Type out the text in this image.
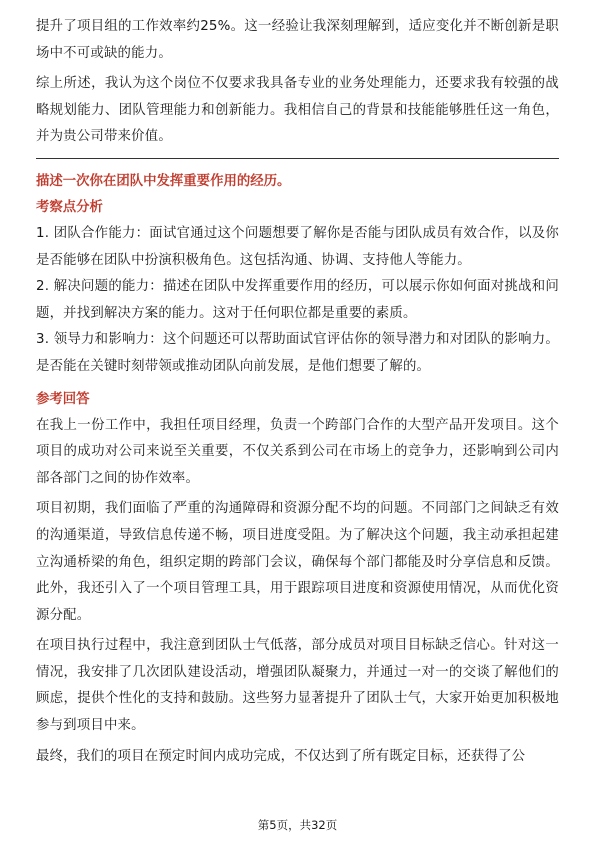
提升了项目组的工作效率约25%。这一经验让我深刻理解到，适应变化并不断创新是职场中不可或缺的能力。

综上所述，我认为这个岗位不仅要求我具备专业的业务处理能力，还要求我有较强的战略规划能力、团队管理能力和创新能力。我相信自己的背景和技能能够胜任这一角色，并为贵公司带来价值。

描述一次你在团队中发挥重要作用的经历。
考察点分析

1. 团队合作能力：面试官通过这个问题想要了解你是否能与团队成员有效合作，以及你是否能够在团队中扮演积极角色。这包括沟通、协调、支持他人等能力。

2. 解决问题的能力：描述在团队中发挥重要作用的经历，可以展示你如何面对挑战和问题，并找到解决方案的能力。这对于任何职位都是重要的素质。

3. 领导力和影响力：这个问题还可以帮助面试官评估你的领导潜力和对团队的影响力。是否能在关键时刻带领或推动团队向前发展，是他们想要了解的。

参考回答

在我上一份工作中，我担任项目经理，负责一个跨部门合作的大型产品开发项目。这个项目的成功对公司来说至关重要，不仅关系到公司在市场上的竞争力，还影响到公司内部各部门之间的协作效率。

项目初期，我们面临了严重的沟通障碍和资源分配不均的问题。不同部门之间缺乏有效的沟通渠道，导致信息传递不畅，项目进度受阻。为了解决这个问题，我主动承担起建立沟通桥梁的角色，组织定期的跨部门会议，确保每个部门都能及时分享信息和反馈。此外，我还引入了一个项目管理工具，用于跟踪项目进度和资源使用情况，从而优化资源分配。

在项目执行过程中，我注意到团队士气低落，部分成员对项目目标缺乏信心。针对这一情况，我安排了几次团队建设活动，增强团队凝聚力，并通过一对一的交谈了解他们的顾虑，提供个性化的支持和鼓励。这些努力显著提升了团队士气，大家开始更加积极地参与到项目中来。

最终，我们的项目在预定时间内成功完成，不仅达到了所有既定目标，还获得了公

第5页，共32页
